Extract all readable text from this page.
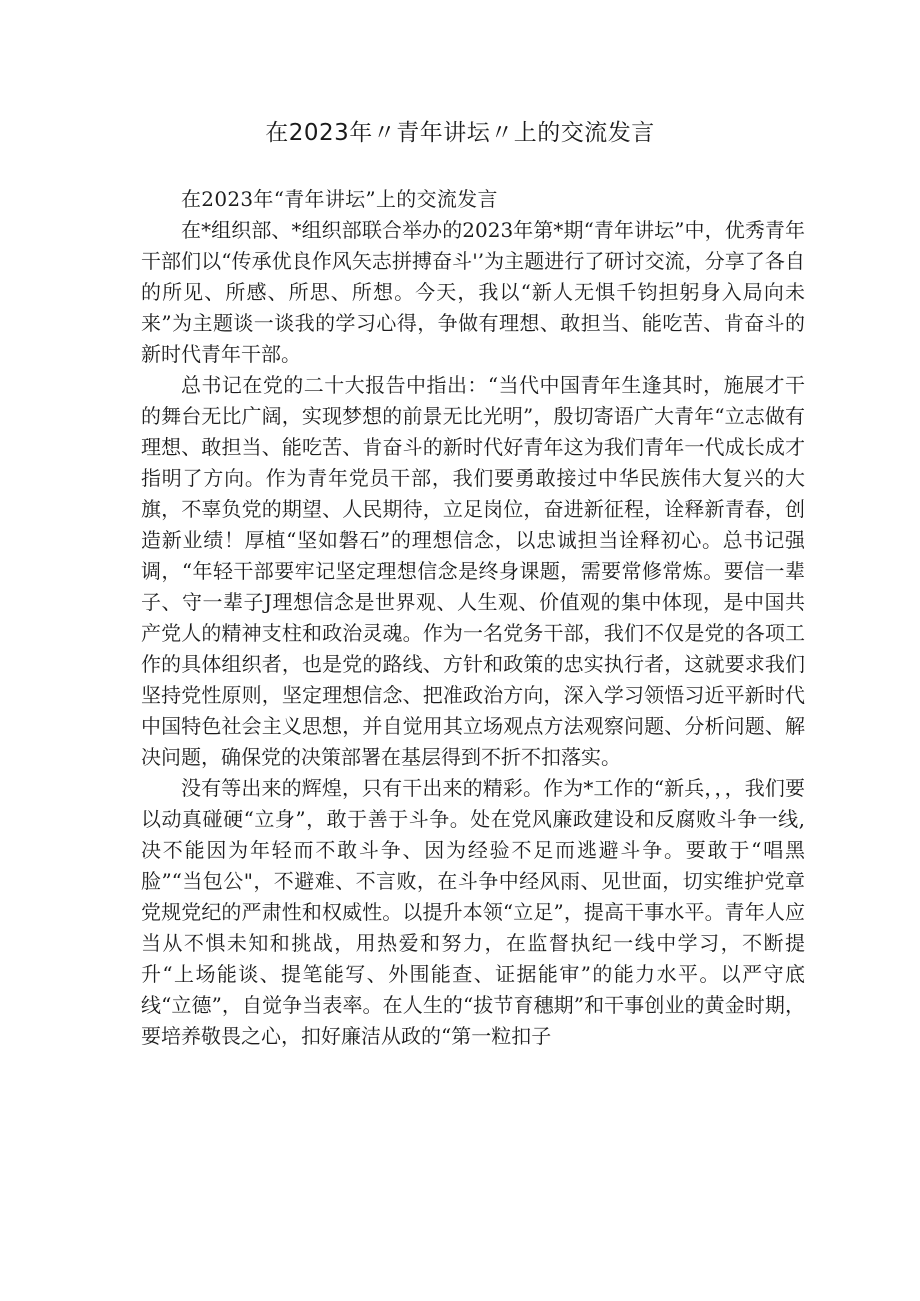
在2023年〃青年讲坛〃上的交流发言

在2023年“青年讲坛”上的交流发言

在*组织部、*组织部联合举办的2023年第*期“青年讲坛”中，优秀青年干部们以“传承优良作风矢志拼搏奋斗'’为主题进行了研讨交流，分享了各自的所见、所感、所思、所想。今天，我以“新人无惧千钧担躬身入局向未来”为主题谈一谈我的学习心得，争做有理想、敢担当、能吃苦、肯奋斗的新时代青年干部。

总书记在党的二十大报告中指出：“当代中国青年生逢其时，施展才干的舞台无比广阔，实现梦想的前景无比光明”，殷切寄语广大青年“立志做有理想、敢担当、能吃苦、肯奋斗的新时代好青年这为我们青年一代成长成才指明了方向。作为青年党员干部，我们要勇敢接过中华民族伟大复兴的大旗，不辜负党的期望、人民期待，立足岗位，奋进新征程，诠释新青春，创造新业绩！厚植“坚如磐石”的理想信念，以忠诚担当诠释初心。总书记强调，“年轻干部要牢记坚定理想信念是终身课题，需要常修常炼。要信一辈子、守一辈子J理想信念是世界观、人生观、价值观的集中体现，是中国共产党人的精神支柱和政治灵魂。作为一名党务干部，我们不仅是党的各项工作的具体组织者，也是党的路线、方针和政策的忠实执行者，这就要求我们坚持党性原则，坚定理想信念、把准政治方向，深入学习领悟习近平新时代中国特色社会主义思想，并自觉用其立场观点方法观察问题、分析问题、解决问题，确保党的决策部署在基层得到不折不扣落实。

没有等出来的辉煌，只有干出来的精彩。作为*工作的“新兵，，，我们要以动真碰硬“立身”，敢于善于斗争。处在党风廉政建设和反腐败斗争一线,决不能因为年轻而不敢斗争、因为经验不足而逃避斗争。要敢于“唱黑脸”“当包公"，不避难、不言败，在斗争中经风雨、见世面，切实维护党章党规党纪的严肃性和权威性。以提升本领“立足”，提高干事水平。青年人应当从不惧未知和挑战，用热爱和努力，在监督执纪一线中学习，不断提升“上场能谈、提笔能写、外围能查、证据能审”的能力水平。以严守底线“立德”，自觉争当表率。在人生的“拔节育穗期”和干事创业的黄金时期，要培养敬畏之心，扣好廉洁从政的“第一粒扣子
